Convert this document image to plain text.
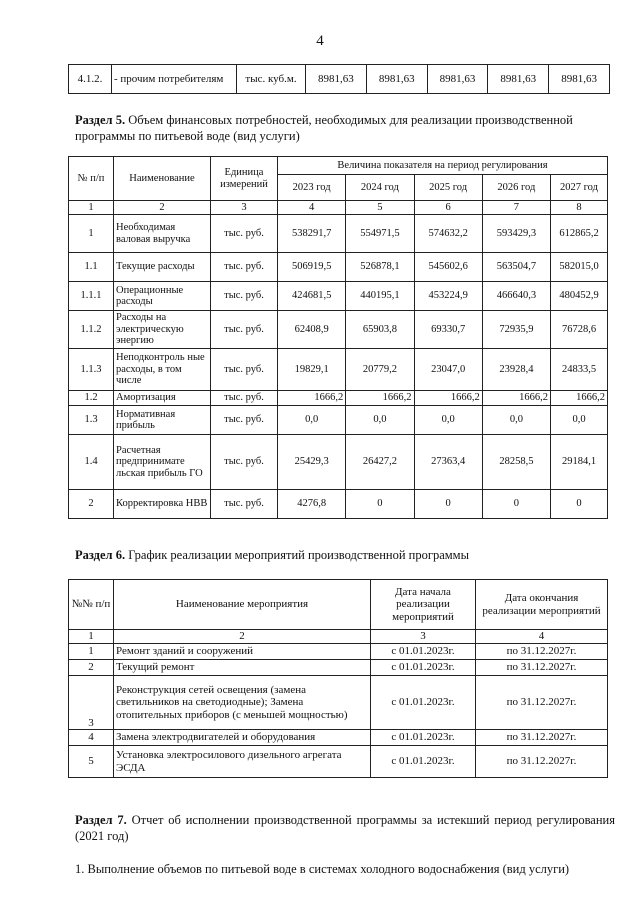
4
4.1.2.	- прочим потребителям	тыс. куб.м.	8981,63	8981,63	8981,63	8981,63	8981,63
Раздел 5. Объем финансовых потребностей, необходимых для реализации производственной программы по питьевой воде (вид услуги)
№ п/п	Наименование	Единица измерений	Величина показателя на период регулирования				
			2023 год	2024 год	2025 год	2026 год	2027 год
1	2	3	4	5	6	7	8
1	Необходимая валовая выручка	тыс. руб.	538291,7	554971,5	574632,2	593429,3	612865,2
1.1	Текущие расходы	тыс. руб.	506919,5	526878,1	545602,6	563504,7	582015,0
1.1.1	Операционные расходы	тыс. руб.	424681,5	440195,1	453224,9	466640,3	480452,9
1.1.2	Расходы на электрическую энергию	тыс. руб.	62408,9	65903,8	69330,7	72935,9	76728,6
1.1.3	Неподконтроль ные расходы, в том числе	тыс. руб.	19829,1	20779,2	23047,0	23928,4	24833,5
1.2	Амортизация	тыс. руб.	1666,2	1666,2	1666,2	1666,2	1666,2
1.3	Нормативная прибыль	тыс. руб.	0,0	0,0	0,0	0,0	0,0
1.4	Расчетная предпринимате льская прибыль ГО	тыс. руб.	25429,3	26427,2	27363,4	28258,5	29184,1
2	Корректировка НВВ	тыс. руб.	4276,8	0	0	0	0
Раздел 6. График реализации мероприятий производственной программы
№№ п/п	Наименование мероприятия	Дата начала реализации мероприятий	Дата окончания реализации мероприятий
1	2	3	4
1	Ремонт зданий и сооружений	с 01.01.2023г.	по 31.12.2027г.
2	Текущий ремонт	с 01.01.2023г.	по 31.12.2027г.
3	Реконструкция сетей освещения (замена светильников на светодиодные); Замена отопительных приборов (с меньшей мощностью)	с 01.01.2023г.	по 31.12.2027г.
4	Замена электродвигателей и оборудования	с 01.01.2023г.	по 31.12.2027г.
5	Установка электросилового дизельного агрегата ЭСДА	с 01.01.2023г.	по 31.12.2027г.
Раздел 7. Отчет об исполнении производственной программы за истекший период регулирования (2021 год)
1. Выполнение объемов по питьевой воде в системах холодного водоснабжения (вид услуги)
